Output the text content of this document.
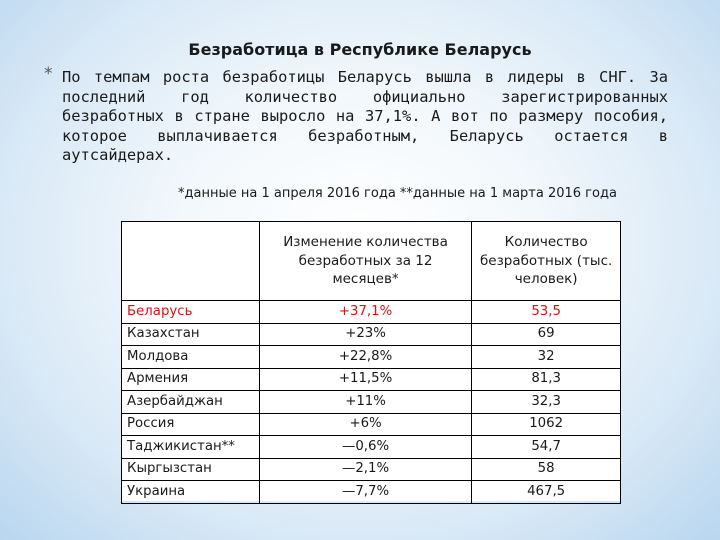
Безработица в Республике Беларусь
* По темпам роста безработицы Беларусь вышла в лидеры в СНГ. За последний год количество официально зарегистрированных безработных в стране выросло на 37,1%. А вот по размеру пособия, которое выплачивается безработным, Беларусь остается в аутсайдерах.
*данные на 1 апреля 2016 года **данные на 1 марта 2016 года
	Изменение количества безработных за 12 месяцев*	Количество безработных (тыс. человек)
Беларусь	+37,1%	53,5
Казахстан	+23%	69
Молдова	+22,8%	32
Армения	+11,5%	81,3
Азербайджан	+11%	32,3
Россия	+6%	1062
Таджикистан**	—0,6%	54,7
Кыргызстан	—2,1%	58
Украина	—7,7%	467,5
